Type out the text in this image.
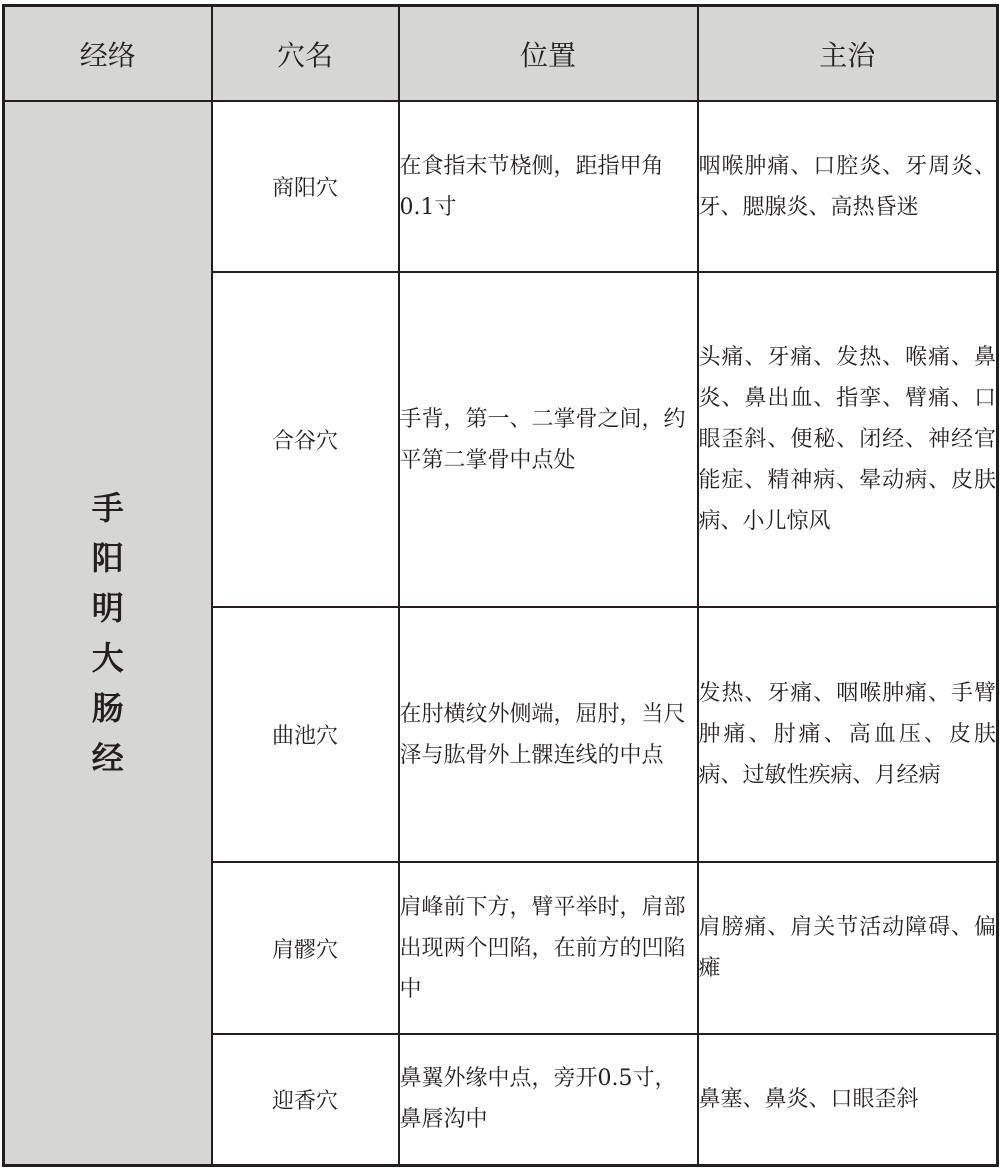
经络	穴名	位置	主治
手阳明大肠经	商阳穴	在食指末节桡侧，距指甲角0.1寸	咽喉肿痛、口腔炎、牙周炎、牙、腮腺炎、高热昏迷
	合谷穴	手背，第一、二掌骨之间，约平第二掌骨中点处	头痛、牙痛、发热、喉痛、鼻炎、鼻出血、指挛、臂痛、口眼歪斜、便秘、闭经、神经官能症、精神病、晕动病、皮肤病、小儿惊风
	曲池穴	在肘横纹外侧端，屈肘，当尺泽与肱骨外上髁连线的中点	发热、牙痛、咽喉肿痛、手臂肿痛、肘痛、高血压、皮肤病、过敏性疾病、月经病
	肩髎穴	肩峰前下方，臂平举时，肩部出现两个凹陷，在前方的凹陷中	肩膀痛、肩关节活动障碍、偏瘫
	迎香穴	鼻翼外缘中点，旁开0.5寸，鼻唇沟中	鼻塞、鼻炎、口眼歪斜
